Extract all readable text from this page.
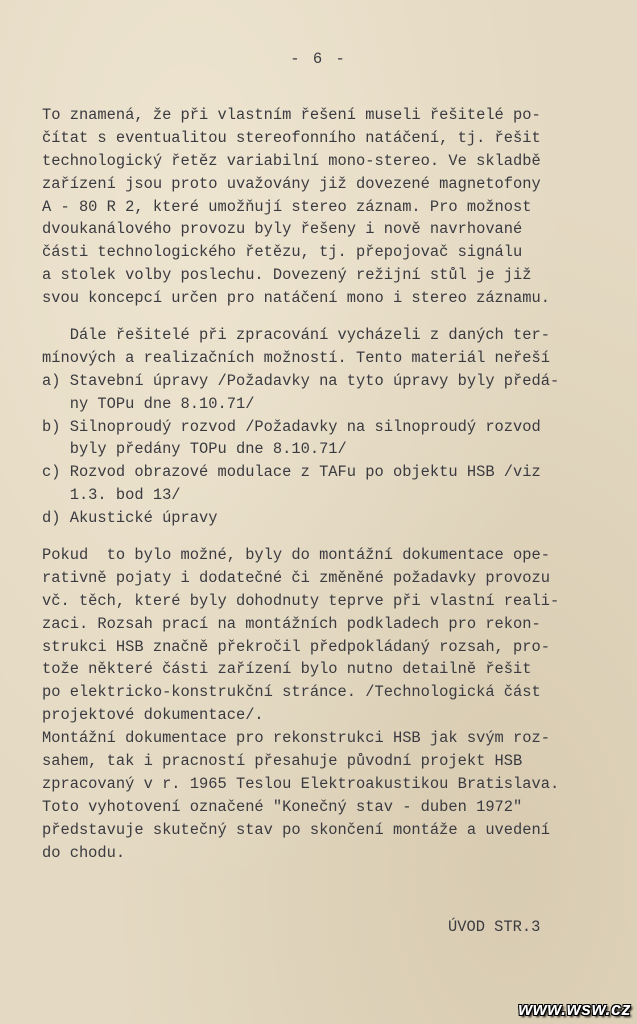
- 6 -
To znamená, že při vlastním řešení museli řešitelé po-
čítat s eventualitou stereofonního natáčení, tj. řešit
technologický řetěz variabilní mono-stereo. Ve skladbě
zařízení jsou proto uvažovány již dovezené magnetofony
A - 80 R 2, které umožňují stereo záznam. Pro možnost
dvoukanálového provozu byly řešeny i nově navrhované
části technologického řetězu, tj. přepojovač signálu
a stolek volby poslechu. Dovezený režijní stůl je již
svou koncepcí určen pro natáčení mono i stereo záznamu.
Dále řešitelé při zpracování vycházeli z daných ter-
mínových a realizačních možností. Tento materiál neřeší
a) Stavební úpravy /Požadavky na tyto úpravy byly předá-
ny TOPu dne 8.10.71/
b) Silnoproudý rozvod /Požadavky na silnoproudý rozvod
byly předány TOPu dne 8.10.71/
c) Rozvod obrazové modulace z TAFu po objektu HSB /viz
1.3. bod 13/
d) Akustické úpravy
Pokud  to bylo možné, byly do montážní dokumentace ope-
rativně pojaty i dodatečné či změněné požadavky provozu
vč. těch, které byly dohodnuty teprve při vlastní reali-
zaci. Rozsah prací na montážních podkladech pro rekon-
strukci HSB značně překročil předpokládaný rozsah, pro-
tože některé části zařízení bylo nutno detailně řešit
po elektricko-konstrukční stránce. /Technologická část
projektové dokumentace/.
Montážní dokumentace pro rekonstrukci HSB jak svým roz-
sahem, tak i pracností přesahuje původní projekt HSB
zpracovaný v r. 1965 Teslou Elektroakustikou Bratislava.
Toto vyhotovení označené "Konečný stav - duben 1972"
představuje skutečný stav po skončení montáže a uvedení
do chodu.
ÚVOD STR.3
www.wsw.cz
